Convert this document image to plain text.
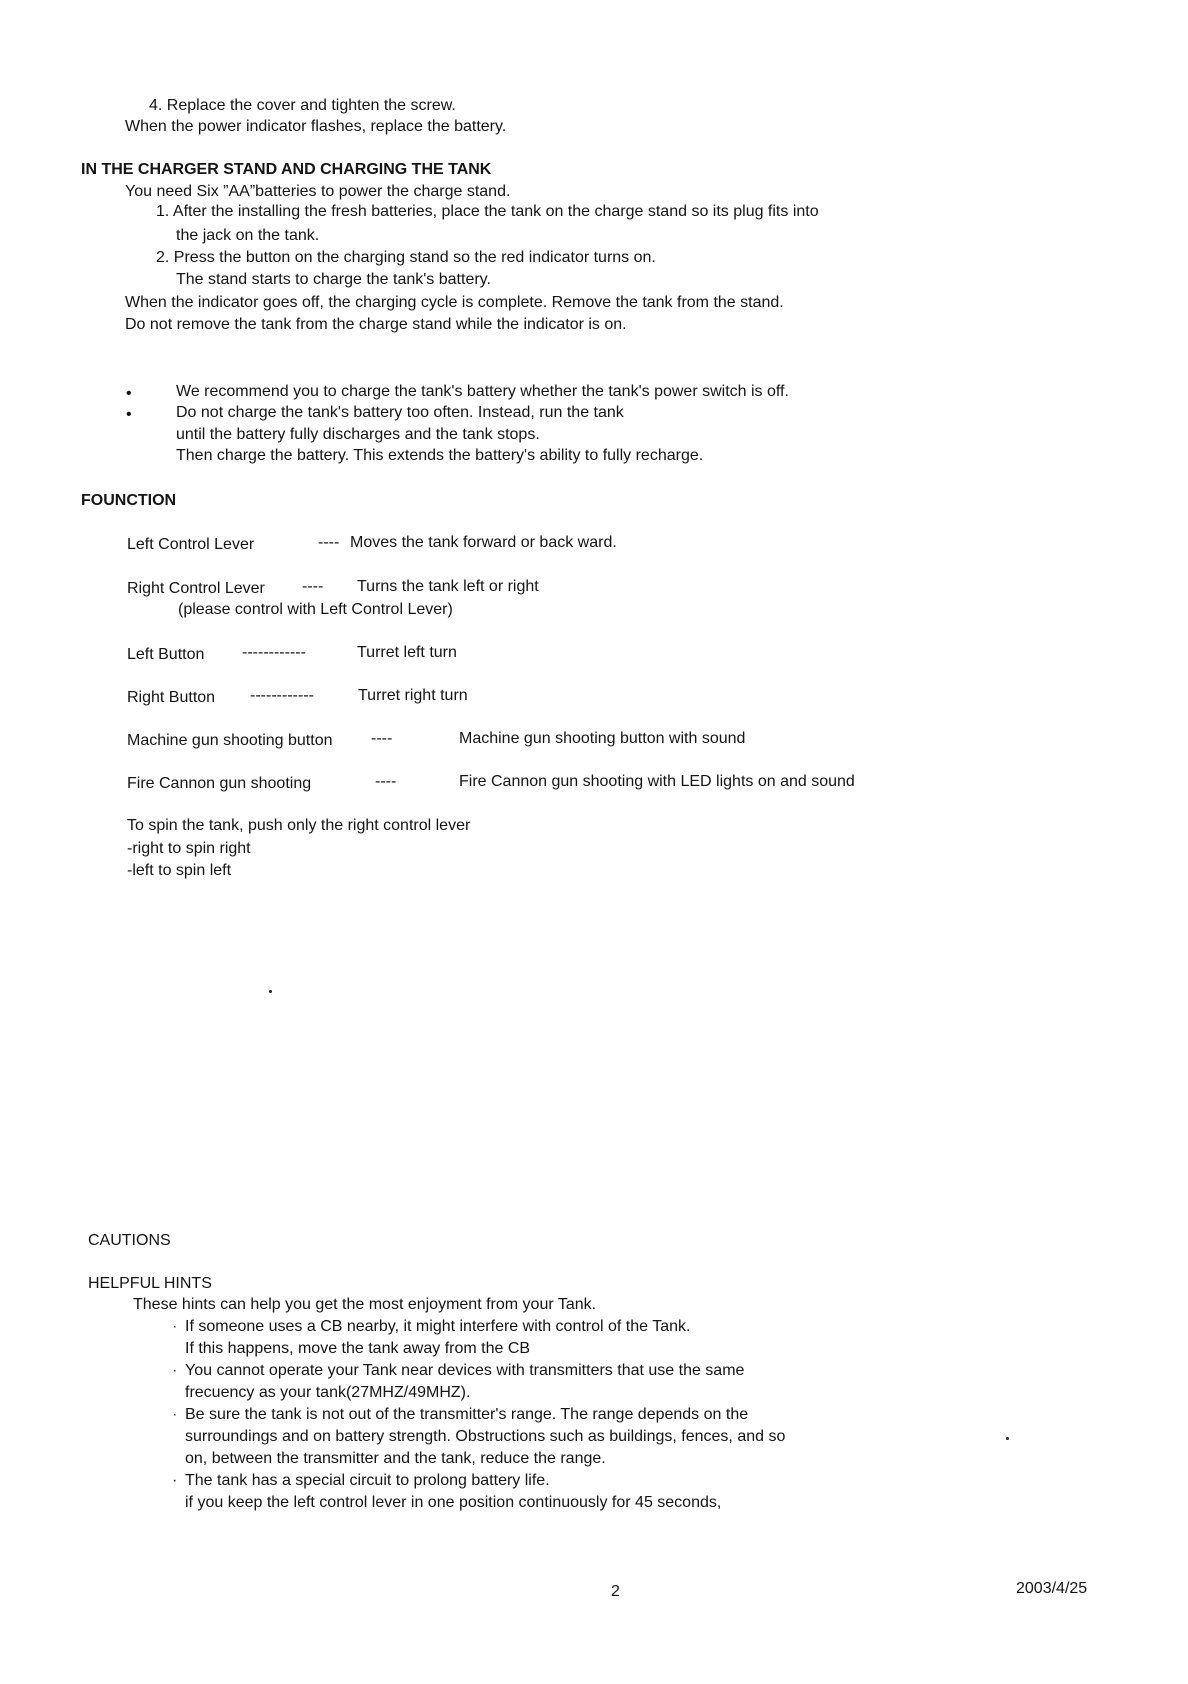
4. Replace the cover and tighten the screw.
When the power indicator flashes, replace the battery.
IN THE CHARGER STAND AND CHARGING THE TANK
You need Six ”AA”batteries to power the charge stand.
1. After the installing the fresh batteries, place the tank on the charge stand so its plug fits into
the jack on the tank.
2. Press the button on the charging stand so the red indicator turns on.
The stand starts to charge the tank's battery.
When the indicator goes off, the charging cycle is complete. Remove the tank from the stand.
Do not remove the tank from the charge stand while the indicator is on.
•	We recommend you to charge the tank's battery whether the tank's power switch is off.
•	Do not charge the tank's battery too often. Instead, run the tank
until the battery fully discharges and the tank stops.
Then charge the battery. This extends the battery's ability to fully recharge.
FOUNCTION
Left Control Lever	---- Moves the tank forward or back ward.
Right Control Lever ---- Turns the tank left or right
(please control with Left Control Lever)
Left Button ------------	Turret left turn
Right Button ------------	Turret right turn
Machine gun shooting button ----	Machine gun shooting button with sound
Fire Cannon gun shooting	----	Fire Cannon gun shooting with LED lights on and sound
To spin the tank, push only the right control lever
-right to spin right
-left to spin left
CAUTIONS
HELPFUL HINTS
These hints can help you get the most enjoyment from your Tank.
· If someone uses a CB nearby, it might interfere with control of the Tank.
If this happens, move the tank away from the CB
· You cannot operate your Tank near devices with transmitters that use the same
frecuency as your tank(27MHZ/49MHZ).
· Be sure the tank is not out of the transmitter's range. The range depends on the
surroundings and on battery strength. Obstructions such as buildings, fences, and so
on, between the transmitter and the tank, reduce the range.
· The tank has a special circuit to prolong battery life.
if you keep the left control lever in one position continuously for 45 seconds,
2	2003/4/25
